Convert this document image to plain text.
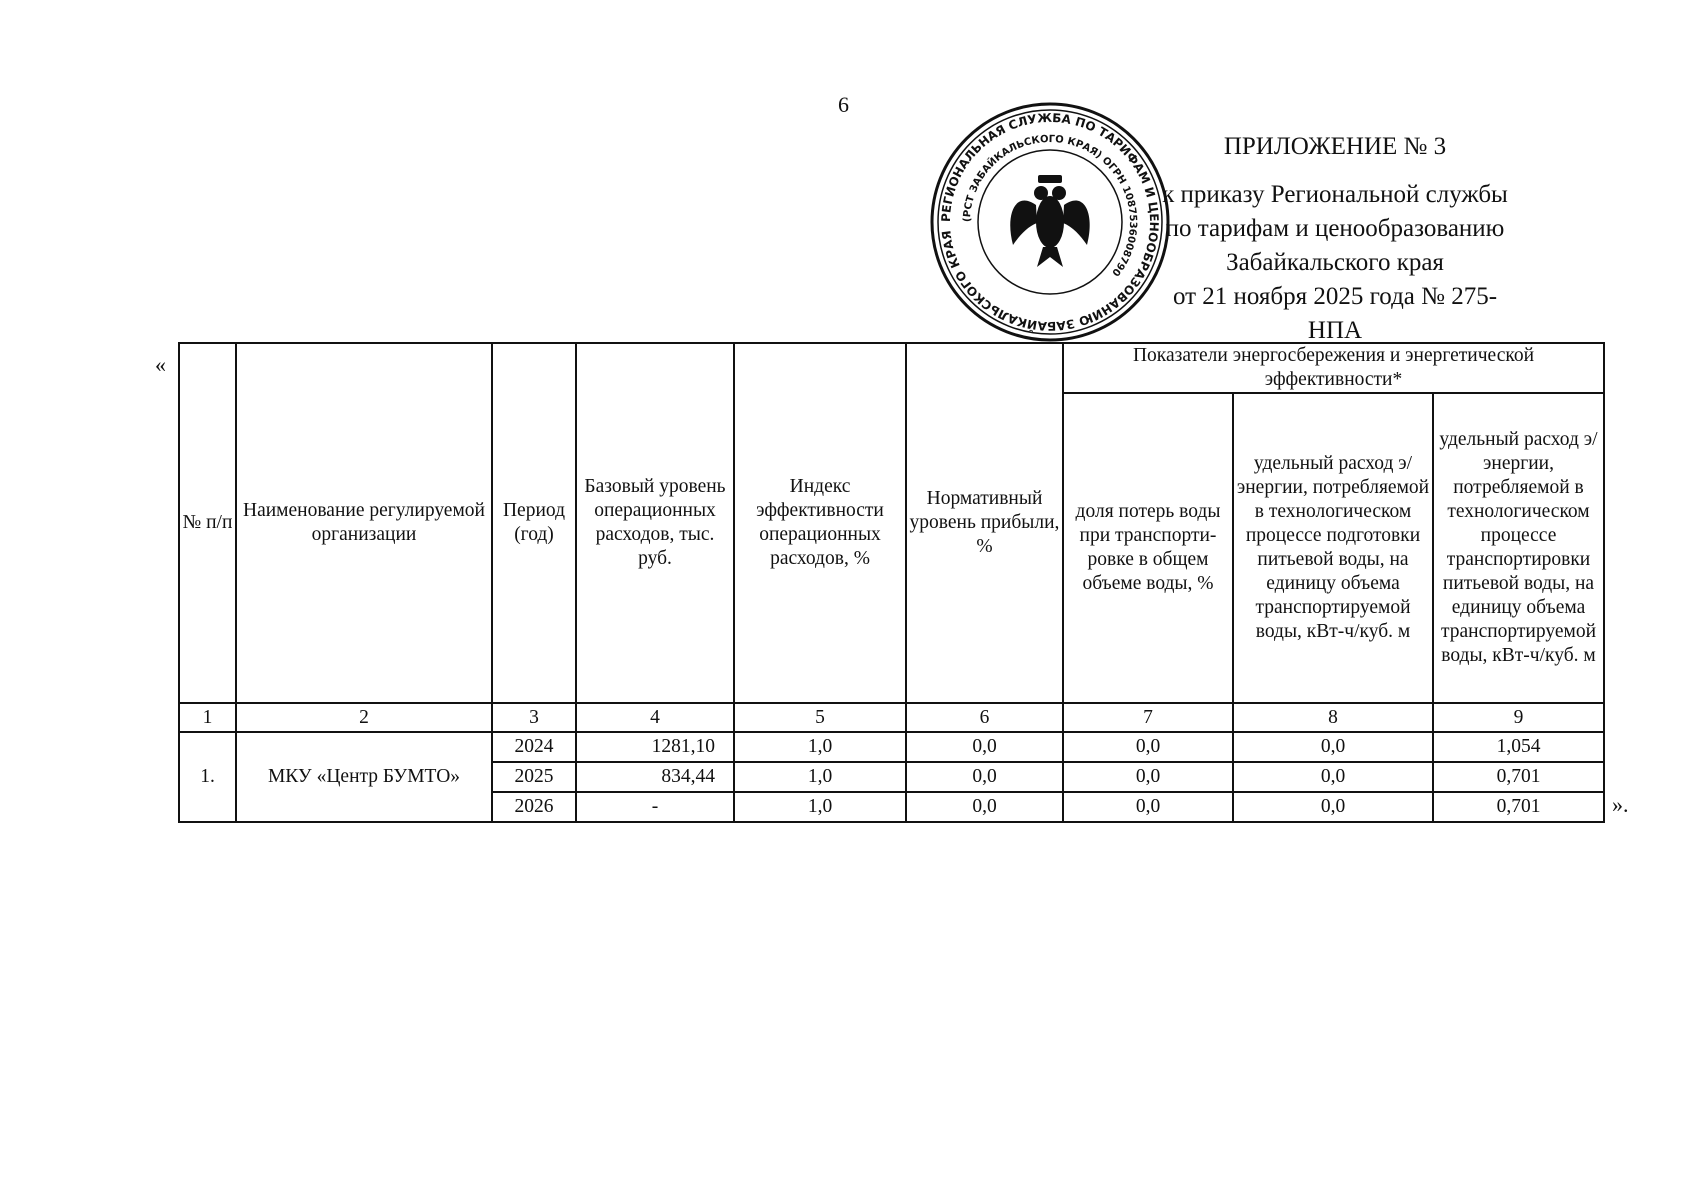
6
РЕГИОНАЛЬНАЯ СЛУЖБА ПО ТАРИФАМ И ЦЕНООБРАЗОВАНИЮ ЗАБАЙКАЛЬСКОГО КРАЯ
(РСТ ЗАБАЙКАЛЬСКОГО КРАЯ) ОГРН 1087536008790
ПРИЛОЖЕНИЕ № 3
к приказу Региональной службы
по тарифам и ценообразованию
Забайкальского края
от 21 ноября 2025 года № 275-НПА
«
№ п/п	Наименование регулируемой организации	Период (год)	Базовый уровень операционных расходов, тыс. руб.	Индекс эффективности операционных расходов, %	Нормативный уровень прибыли, %	Показатели энергосбережения и энергетической эффективности*		
						доля потерь воды при транспорти-ровке в общем объеме воды, %	удельный расход э/энергии, потребляемой в технологическом процессе подготовки питьевой воды, на единицу объема транспортируемой воды, кВт-ч/куб. м	удельный расход э/энергии, потребляемой в технологическом процессе транспортировки питьевой воды, на единицу объема транспортируемой воды, кВт-ч/куб. м
1	2	3	4	5	6	7	8	9
1.	МКУ «Центр БУМТО»	2024	1281,10	1,0	0,0	0,0	0,0	1,054
		2025	834,44	1,0	0,0	0,0	0,0	0,701
		2026	-	1,0	0,0	0,0	0,0	0,701	».
